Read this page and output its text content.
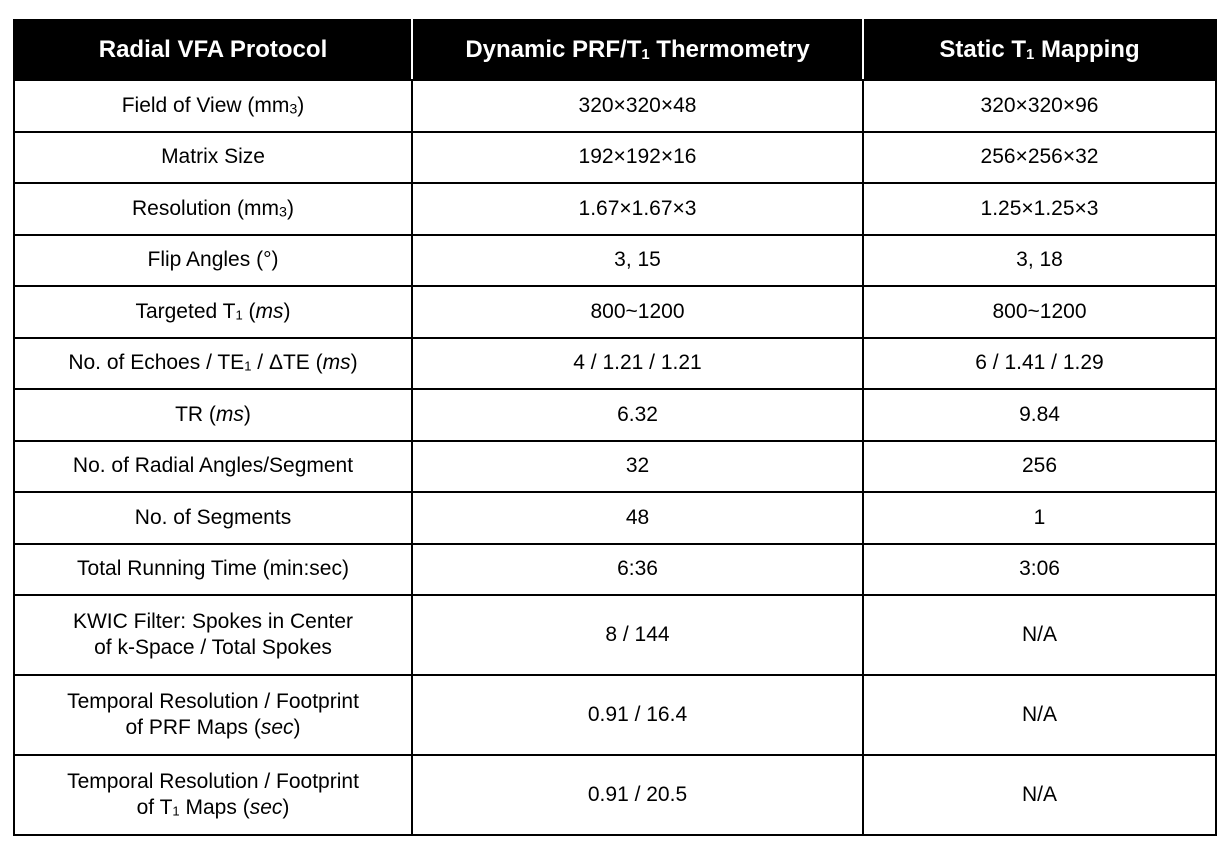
Radial VFA Protocol	Dynamic PRF/T1 Thermometry	Static T1 Mapping
Field of View (mm3)	320×320×48	320×320×96
Matrix Size	192×192×16	256×256×32
Resolution (mm3)	1.67×1.67×3	1.25×1.25×3
Flip Angles (°)	3, 15	3, 18
Targeted T1 (ms)	800~1200	800~1200
No. of Echoes / TE1 / ΔTE (ms)	4 / 1.21 / 1.21	6 / 1.41 / 1.29
TR (ms)	6.32	9.84
No. of Radial Angles/Segment	32	256
No. of Segments	48	1
Total Running Time (min:sec)	6:36	3:06

KWIC Filter: Spokes in Center
of k-Space / Total Spokes	8 / 144	N/A

Temporal Resolution / Footprint
of PRF Maps (sec)	0.91 / 16.4	N/A

Temporal Resolution / Footprint
of T1 Maps (sec)	0.91 / 20.5	N/A
